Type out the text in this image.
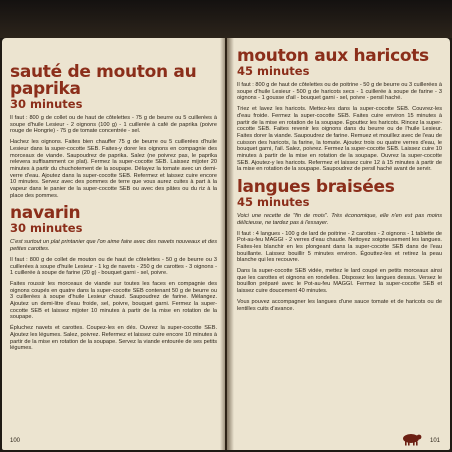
sauté de mouton au paprika
30 minutes

Il faut : 800 g de collet ou de haut de côtelettes - 75 g de beurre ou 5 cuillerées à soupe d'huile Lesieur - 2 oignons (100 g) - 1 cuillerée à café de paprika (poivre rouge de Hongrie) - 75 g de tomate concentrée - sel.

Hachez les oignons. Faites bien chauffer 75 g de beurre ou 5 cuillerées d'huile Lesieur dans la super-cocotte SEB. Faites-y dorer les oignons en compagnie des morceaux de viande. Saupoudrez de paprika. Salez (ne poivrez pas, le paprika relevera suffisamment ce plat). Fermez la super-cocotte SEB. Laissez mijoter 20 minutes à partir du chuchotement de la soupape. Délayez la tomate avec un demi-verre d'eau. Ajoutez dans la super-cocotte SEB. Refermez et laissez cuire encore 10 minutes. Servez avec des pommes de terre que vous aurez cuites à part à la vapeur dans le panier de la super-cocotte SEB ou avec des pâtes ou du riz à la place des pommes.

navarin
30 minutes

C'est surtout un plat printanier que l'on aime faire avec des navets nouveaux et des petites carottes.

Il faut : 800 g de collet de mouton ou de haut de côtelettes - 50 g de beurre ou 3 cuillerées à soupe d'huile Lesieur - 1 kg de navets - 250 g de carottes - 3 oignons - 1 cuillerée à soupe de farine (20 g) - bouquet garni - sel, poivre.

Faites roussir les morceaux de viande sur toutes les faces en compagnie des oignons coupés en quatre dans la super-cocotte SEB contenant 50 g de beurre ou 3 cuillerées à soupe d'huile Lesieur chaud. Saupoudrez de farine. Mélangez. Ajoutez un demi-litre d'eau froide, sel, poivre, bouquet garni. Fermez la super-cocotte SEB et laissez mijoter 10 minutes à partir de la mise en rotation de la soupape.

Épluchez navets et carottes. Coupez-les en dés. Ouvrez la super-cocotte SEB. Ajoutez les légumes. Salez, poivrez. Refermez et laissez cuire encore 10 minutes à partir de la mise en rotation de la soupape. Servez la viande entourée de ses petits légumes.

100
mouton aux haricots
45 minutes

Il faut : 800 g de haut de côtelettes ou de poitrine - 50 g de beurre ou 3 cuillerées à soupe d'huile Lesieur - 500 g de haricots secs - 1 cuillerée à soupe de farine - 3 oignons - 1 gousse d'ail - bouquet garni - sel, poivre - persil haché.

Triez et lavez les haricots. Mettez-les dans la super-cocotte SEB. Couvrez-les d'eau froide. Fermez la super-cocotte SEB. Faites cuire environ 15 minutes à partir de la mise en rotation de la soupape. Égouttez les haricots. Rincez la super-cocotte SEB. Faites revenir les oignons dans du beurre ou de l'huile Lesieur. Faites dorer la viande. Saupoudrez de farine. Remuez et mouillez avec de l'eau de cuisson des haricots, la farine, la tomate. Ajoutez trois ou quatre verres d'eau, le bouquet garni, l'ail. Salez, poivrez. Fermez la super-cocotte SEB. Laissez cuire 10 minutes à partir de la mise en rotation de la soupape. Ouvrez la super-cocotte SEB. Ajoutez-y les haricots. Refermez et laissez cuire 12 à 15 minutes à partir de la mise en rotation de la soupape. Saupoudrez de persil haché avant de servir.

langues braisées
45 minutes

Voici une recette de "fin de mois". Très économique, elle n'en est pas moins délicieuse, ne tardez pas à l'essayer.

Il faut : 4 langues - 100 g de lard de poitrine - 2 carottes - 2 oignons - 1 tablette de Pot-au-feu MAGGI - 2 verres d'eau chaude. Nettoyez soigneusement les langues. Faites-les blanchir en les plongeant dans la super-cocotte SEB dans de l'eau bouillante. Laissez bouillir 5 minutes environ. Égouttez-les et retirez la peau blanche qui les recouvre.

Dans la super-cocotte SEB vidée, mettez le lard coupé en petits morceaux ainsi que les carottes et oignons en rondelles. Disposez les langues dessus. Versez le bouillon préparé avec le Pot-au-feu MAGGI. Fermez la super-cocotte SEB et laissez cuire doucement 40 minutes.

Vous pouvez accompagner les langues d'une sauce tomate et de haricots ou de lentilles cuits d'avance.

101
